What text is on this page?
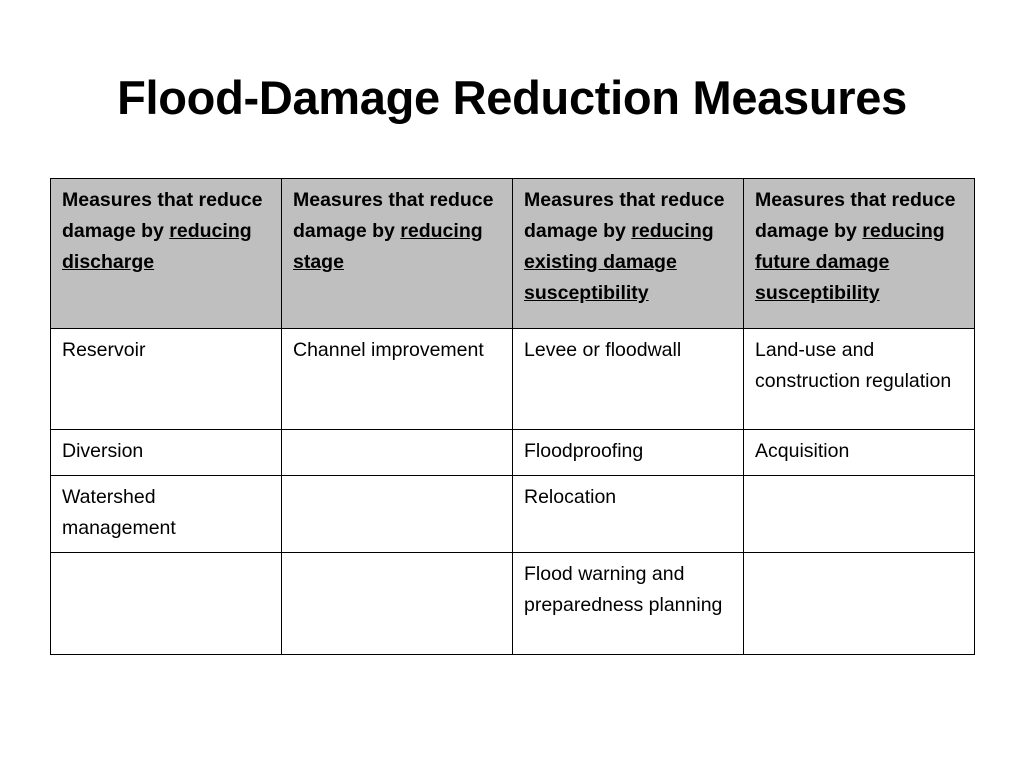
Flood-Damage Reduction Measures
Measures that reduce damage by reducing discharge	Measures that reduce damage by reducing stage	Measures that reduce damage by reducing existing damage susceptibility	Measures that reduce damage by reducing future damage susceptibility
Reservoir	Channel improvement	Levee or floodwall	Land-use and construction regulation
Diversion		Floodproofing	Acquisition
Watershed management		Relocation	
		Flood warning and preparedness planning	
